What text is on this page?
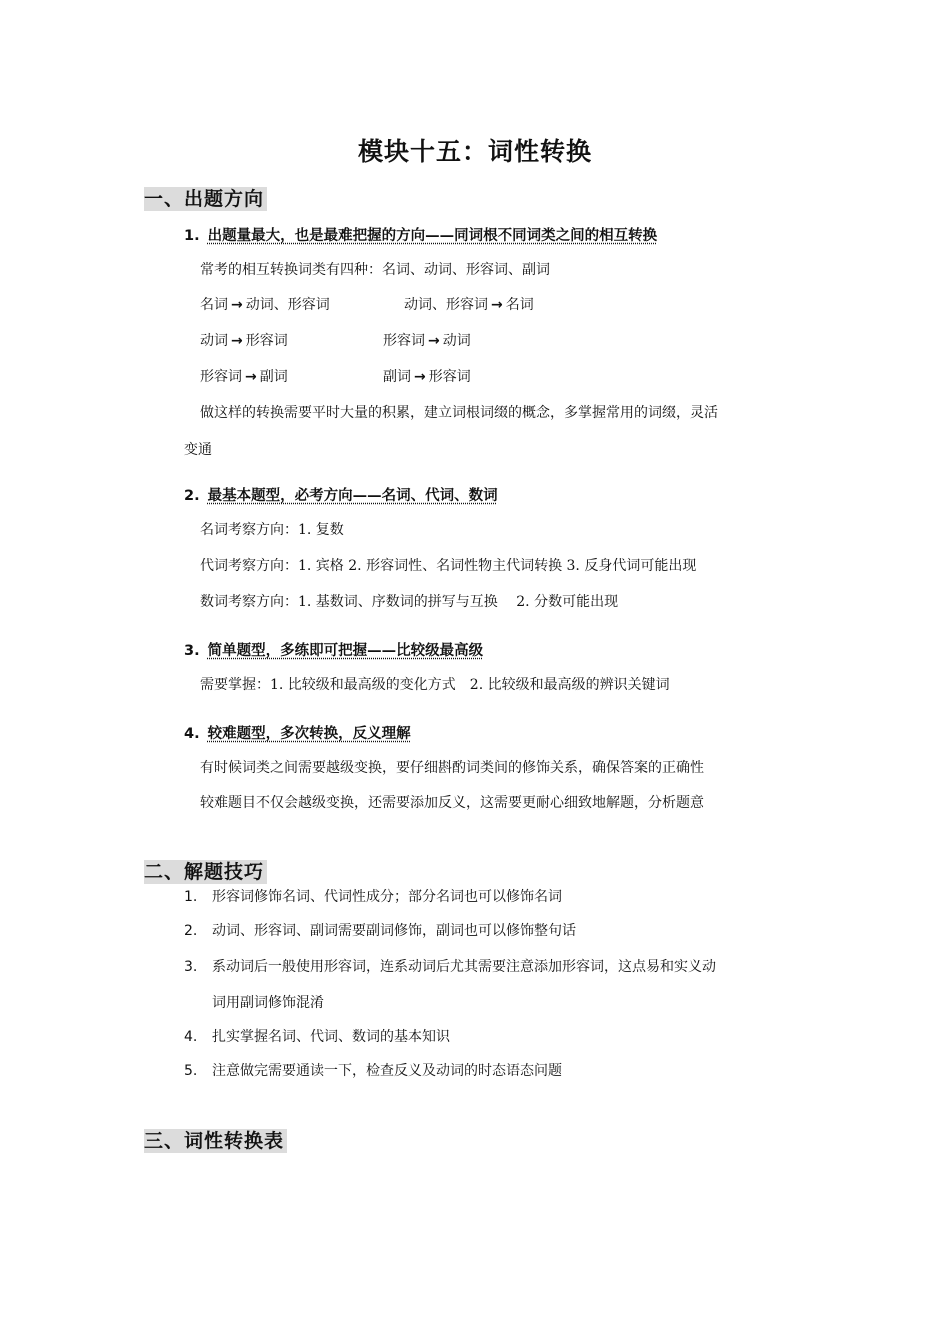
模块十五：词性转换
一、出题方向
1. 出题量最大，也是最难把握的方向——同词根不同词类之间的相互转换
常考的相互转换词类有四种：名词、动词、形容词、副词
名词 → 动词、形容词	动词、形容词 → 名词
动词 → 形容词	形容词 → 动词
形容词 → 副词	副词 → 形容词
做这样的转换需要平时大量的积累，建立词根词缀的概念，多掌握常用的词缀，灵活
变通
2. 最基本题型，必考方向——名词、代词、数词
名词考察方向：1. 复数
代词考察方向：1. 宾格 2. 形容词性、名词性物主代词转换 3. 反身代词可能出现
数词考察方向：1. 基数词、序数词的拼写与互换　 2. 分数可能出现
3. 简单题型，多练即可把握——比较级最高级
需要掌握：1. 比较级和最高级的变化方式　2. 比较级和最高级的辨识关键词
4. 较难题型，多次转换，反义理解
有时候词类之间需要越级变换，要仔细斟酌词类间的修饰关系，确保答案的正确性
较难题目不仅会越级变换，还需要添加反义，这需要更耐心细致地解题，分析题意
二、解题技巧
1. 形容词修饰名词、代词性成分；部分名词也可以修饰名词
2. 动词、形容词、副词需要副词修饰，副词也可以修饰整句话
3. 系动词后一般使用形容词，连系动词后尤其需要注意添加形容词，这点易和实义动
词用副词修饰混淆
4. 扎实掌握名词、代词、数词的基本知识
5. 注意做完需要通读一下，检查反义及动词的时态语态问题
三、词性转换表
